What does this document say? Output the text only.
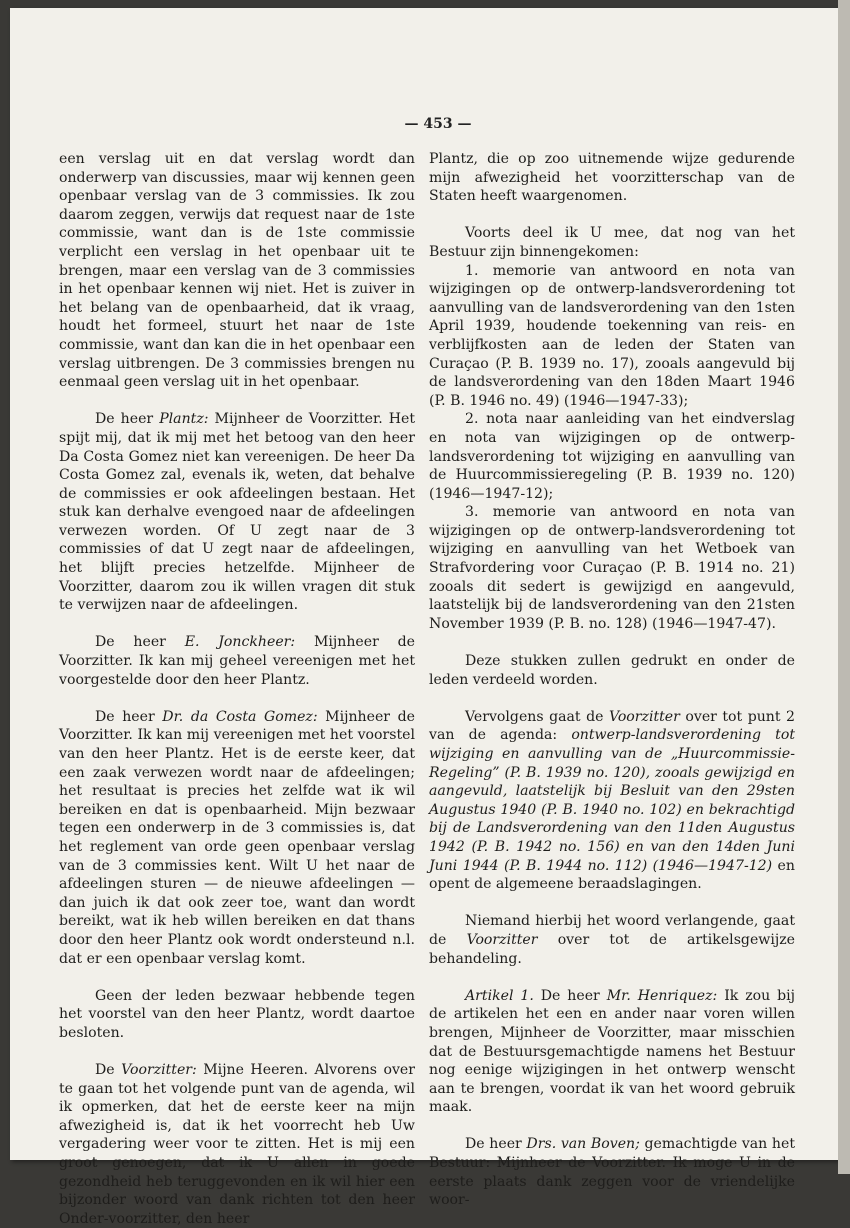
— 453 —

een verslag uit en dat verslag wordt dan onderwerp van discussies, maar wij kennen geen openbaar verslag van de 3 commissies. Ik zou daarom zeggen, verwijs dat request naar de 1ste commissie, want dan is de 1ste commissie verplicht een verslag in het openbaar uit te brengen, maar een verslag van de 3 commissies in het openbaar kennen wij niet. Het is zuiver in het belang van de openbaarheid, dat ik vraag, houdt het formeel, stuurt het naar de 1ste commissie, want dan kan die in het openbaar een verslag uitbrengen. De 3 commissies brengen nu eenmaal geen verslag uit in het openbaar.

De heer Plantz: Mijnheer de Voorzitter. Het spijt mij, dat ik mij met het betoog van den heer Da Costa Gomez niet kan vereenigen. De heer Da Costa Gomez zal, evenals ik, weten, dat behalve de commissies er ook afdeelingen bestaan. Het stuk kan derhalve evengoed naar de afdeelingen verwezen worden. Of U zegt naar de 3 commissies of dat U zegt naar de afdeelingen, het blijft precies hetzelfde. Mijnheer de Voorzitter, daarom zou ik willen vragen dit stuk te verwijzen naar de afdeelingen.

De heer E. Jonckheer: Mijnheer de Voorzitter. Ik kan mij geheel vereenigen met het voorgestelde door den heer Plantz.

De heer Dr. da Costa Gomez: Mijnheer de Voorzitter. Ik kan mij vereenigen met het voorstel van den heer Plantz. Het is de eerste keer, dat een zaak verwezen wordt naar de afdeelingen; het resultaat is precies het zelfde wat ik wil bereiken en dat is openbaarheid. Mijn bezwaar tegen een onderwerp in de 3 commissies is, dat het reglement van orde geen openbaar verslag van de 3 commissies kent. Wilt U het naar de afdeelingen sturen — de nieuwe afdeelingen — dan juich ik dat ook zeer toe, want dan wordt bereikt, wat ik heb willen bereiken en dat thans door den heer Plantz ook wordt ondersteund n.l. dat er een openbaar verslag komt.

Geen der leden bezwaar hebbende tegen het voorstel van den heer Plantz, wordt daartoe besloten.

De Voorzitter: Mijne Heeren. Alvorens over te gaan tot het volgende punt van de agenda, wil ik opmerken, dat het de eerste keer na mijn afwezigheid is, dat ik het voorrecht heb Uw vergadering weer voor te zitten. Het is mij een groot genoegen, dat ik U allen in goede gezondheid heb teruggevonden en ik wil hier een bijzonder woord van dank richten tot den heer Onder-voorzitter, den heer

Plantz, die op zoo uitnemende wijze gedurende mijn afwezigheid het voorzitterschap van de Staten heeft waargenomen.

Voorts deel ik U mee, dat nog van het Bestuur zijn binnengekomen:

1. memorie van antwoord en nota van wijzigingen op de ontwerp-landsverordening tot aanvulling van de landsverordening van den 1sten April 1939, houdende toekenning van reis- en verblijfkosten aan de leden der Staten van Curaçao (P. B. 1939 no. 17), zooals aangevuld bij de landsverordening van den 18den Maart 1946 (P. B. 1946 no. 49) (1946—1947-33);

2. nota naar aanleiding van het eindverslag en nota van wijzigingen op de ontwerp-landsverordening tot wijziging en aanvulling van de Huurcommissieregeling (P. B. 1939 no. 120) (1946—1947-12);

3. memorie van antwoord en nota van wijzigingen op de ontwerp-landsverordening tot wijziging en aanvulling van het Wetboek van Strafvordering voor Curaçao (P. B. 1914 no. 21) zooals dit sedert is gewijzigd en aangevuld, laatstelijk bij de landsverordening van den 21sten November 1939 (P. B. no. 128) (1946—1947-47).

Deze stukken zullen gedrukt en onder de leden verdeeld worden.

Vervolgens gaat de Voorzitter over tot punt 2 van de agenda: ontwerp-landsverordening tot wijziging en aanvulling van de „Huurcommissie-Regeling” (P. B. 1939 no. 120), zooals gewijzigd en aangevuld, laatstelijk bij Besluit van den 29sten Augustus 1940 (P. B. 1940 no. 102) en bekrachtigd bij de Landsverordening van den 11den Augustus 1942 (P. B. 1942 no. 156) en van den 14den Juni Juni 1944 (P. B. 1944 no. 112) (1946—1947-12) en opent de algemeene beraadslagingen.

Niemand hierbij het woord verlangende, gaat de Voorzitter over tot de artikelsgewijze behandeling.

Artikel 1. De heer Mr. Henriquez: Ik zou bij de artikelen het een en ander naar voren willen brengen, Mijnheer de Voorzitter, maar misschien dat de Bestuursgemachtigde namens het Bestuur nog eenige wijzigingen in het ontwerp wenscht aan te brengen, voordat ik van het woord gebruik maak.

De heer Drs. van Boven; gemachtigde van het Bestuur: Mijnheer de Voorzitter. Ik moge U in de eerste plaats dank zeggen voor de vriendelijke woor-
